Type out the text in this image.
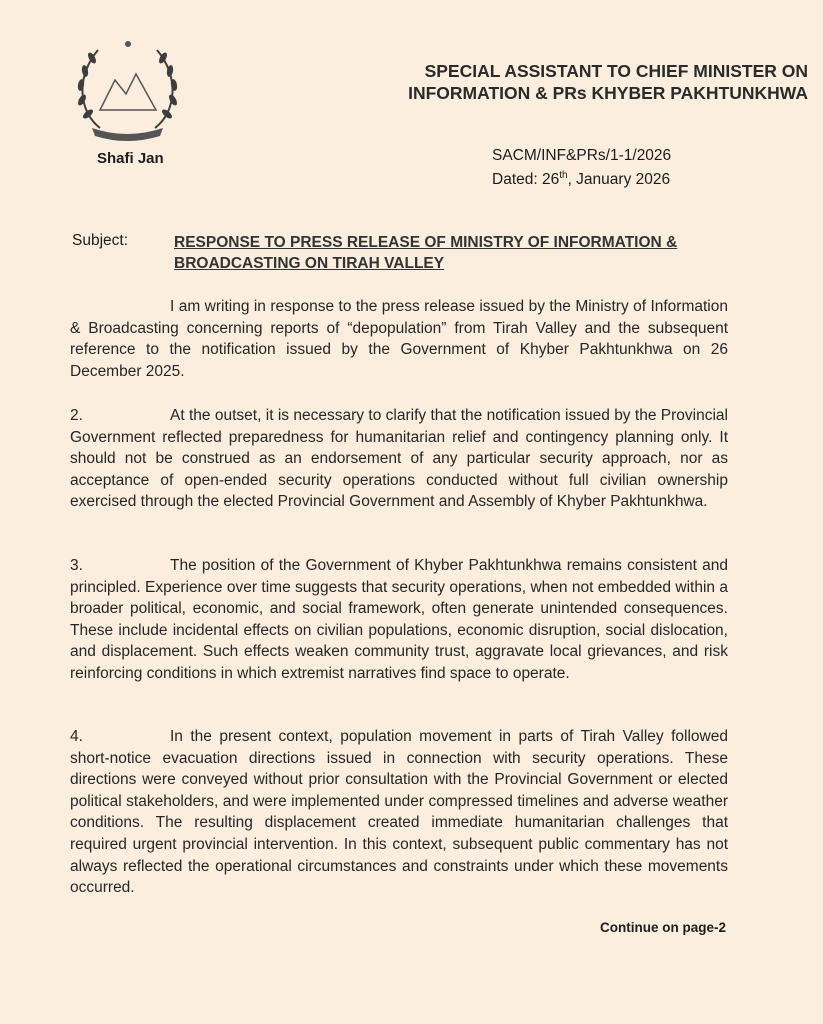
Shafi Jan

SPECIAL ASSISTANT TO CHIEF MINISTER ON INFORMATION & PRs KHYBER PAKHTUNKHWA
SACM/INF&PRs/1-1/2026
Dated: 26th, January 2026
Subject:	RESPONSE TO PRESS RELEASE OF MINISTRY OF INFORMATION & BROADCASTING ON TIRAH VALLEY

I am writing in response to the press release issued by the Ministry of Information & Broadcasting concerning reports of “depopulation” from Tirah Valley and the subsequent reference to the notification issued by the Government of Khyber Pakhtunkhwa on 26 December 2025.

2.	At the outset, it is necessary to clarify that the notification issued by the Provincial Government reflected preparedness for humanitarian relief and contingency planning only. It should not be construed as an endorsement of any particular security approach, nor as acceptance of open-ended security operations conducted without full civilian ownership exercised through the elected Provincial Government and Assembly of Khyber Pakhtunkhwa.

3.	The position of the Government of Khyber Pakhtunkhwa remains consistent and principled. Experience over time suggests that security operations, when not embedded within a broader political, economic, and social framework, often generate unintended consequences. These include incidental effects on civilian populations, economic disruption, social dislocation, and displacement. Such effects weaken community trust, aggravate local grievances, and risk reinforcing conditions in which extremist narratives find space to operate.

4.	In the present context, population movement in parts of Tirah Valley followed short-notice evacuation directions issued in connection with security operations. These directions were conveyed without prior consultation with the Provincial Government or elected political stakeholders, and were implemented under compressed timelines and adverse weather conditions. The resulting displacement created immediate humanitarian challenges that required urgent provincial intervention. In this context, subsequent public commentary has not always reflected the operational circumstances and constraints under which these movements occurred.

Continue on page-2
